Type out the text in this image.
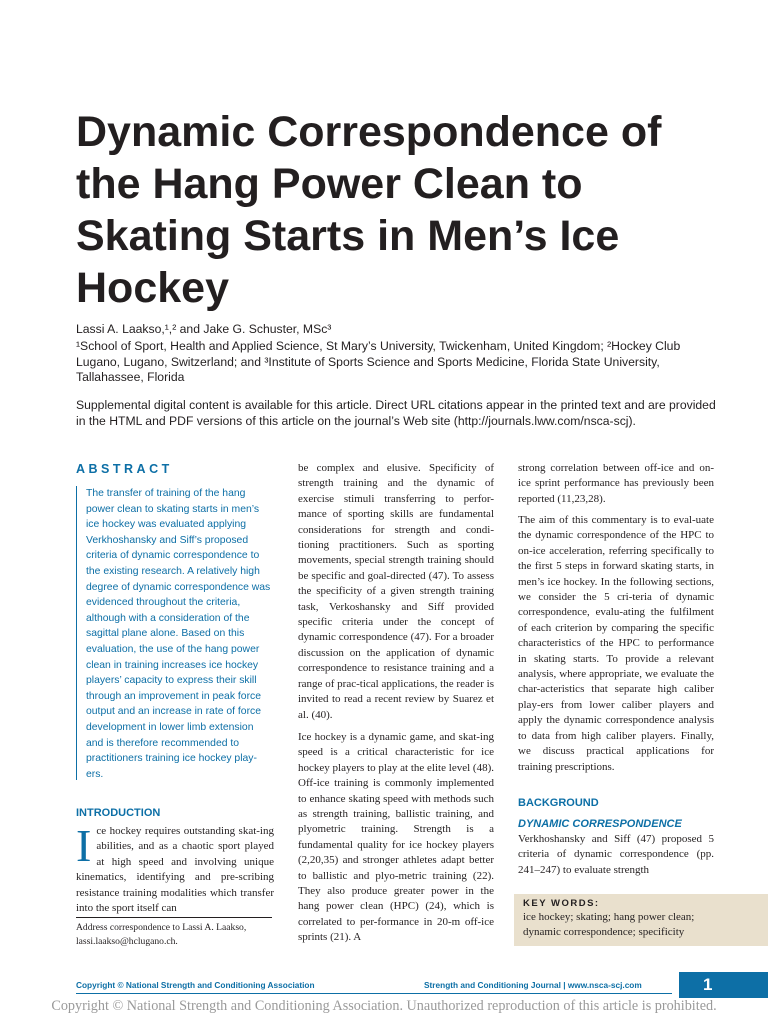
Dynamic Correspondence of the Hang Power Clean to Skating Starts in Men’s Ice Hockey

Lassi A. Laakso,¹,² and Jake G. Schuster, MSc³

¹School of Sport, Health and Applied Science, St Mary’s University, Twickenham, United Kingdom; ²Hockey Club Lugano, Lugano, Switzerland; and ³Institute of Sports Science and Sports Medicine, Florida State University, Tallahassee, Florida

Supplemental digital content is available for this article. Direct URL citations appear in the printed text and are provided in the HTML and PDF versions of this article on the journal’s Web site (http://journals.lww.com/nsca-scj).

ABSTRACT

The transfer of training of the hang power clean to skating starts in men’s ice hockey was evaluated applying Verkhoshansky and Siff’s proposed criteria of dynamic correspondence to the existing research. A relatively high degree of dynamic correspondence was evidenced throughout the criteria, although with a consideration of the sagittal plane alone. Based on this evaluation, the use of the hang power clean in training increases ice hockey players’ capacity to express their skill through an improvement in peak force output and an increase in rate of force development in lower limb extension and is therefore recommended to practitioners training ice hockey play-ers.

INTRODUCTION

Ice hockey requires outstanding skat-ing abilities, and as a chaotic sport played at high speed and involving unique kinematics, identifying and pre-scribing resistance training modalities which transfer into the sport itself can

Address correspondence to Lassi A. Laakso, lassi.laakso@hclugano.ch.

be complex and elusive. Specificity of strength training and the dynamic of exercise stimuli transferring to perfor-mance of sporting skills are fundamental considerations for strength and condi-tioning practitioners. Such as sporting movements, special strength training should be specific and goal-directed (47). To assess the specificity of a given strength training task, Verkoshansky and Siff provided specific criteria under the concept of dynamic correspondence (47). For a broader discussion on the application of dynamic correspondence to resistance training and a range of prac-tical applications, the reader is invited to read a recent review by Suarez et al. (40).

Ice hockey is a dynamic game, and skat-ing speed is a critical characteristic for ice hockey players to play at the elite level (48). Off-ice training is commonly implemented to enhance skating speed with methods such as strength training, ballistic training, and plyometric training. Strength is a fundamental quality for ice hockey players (2,20,35) and stronger athletes adapt better to ballistic and plyo-metric training (22). They also produce greater power in the hang power clean (HPC) (24), which is correlated to per-formance in 20-m off-ice sprints (21). A

strong correlation between off-ice and on-ice sprint performance has previously been reported (11,23,28).

The aim of this commentary is to eval-uate the dynamic correspondence of the HPC to on-ice acceleration, referring specifically to the first 5 steps in forward skating starts, in men’s ice hockey. In the following sections, we consider the 5 cri-teria of dynamic correspondence, evalu-ating the fulfilment of each criterion by comparing the specific characteristics of the HPC to performance in skating starts. To provide a relevant analysis, where appropriate, we evaluate the char-acteristics that separate high caliber play-ers from lower caliber players and apply the dynamic correspondence analysis to data from high caliber players. Finally, we discuss practical applications for training prescriptions.

BACKGROUND
DYNAMIC CORRESPONDENCE

Verkhoshansky and Siff (47) proposed 5 criteria of dynamic correspondence (pp. 241–247) to evaluate strength

KEY WORDS:

ice hockey; skating; hang power clean; dynamic correspondence; specificity

Copyright © National Strength and Conditioning Association	Strength and Conditioning Journal | www.nsca-scj.com	1

Copyright © National Strength and Conditioning Association. Unauthorized reproduction of this article is prohibited.
